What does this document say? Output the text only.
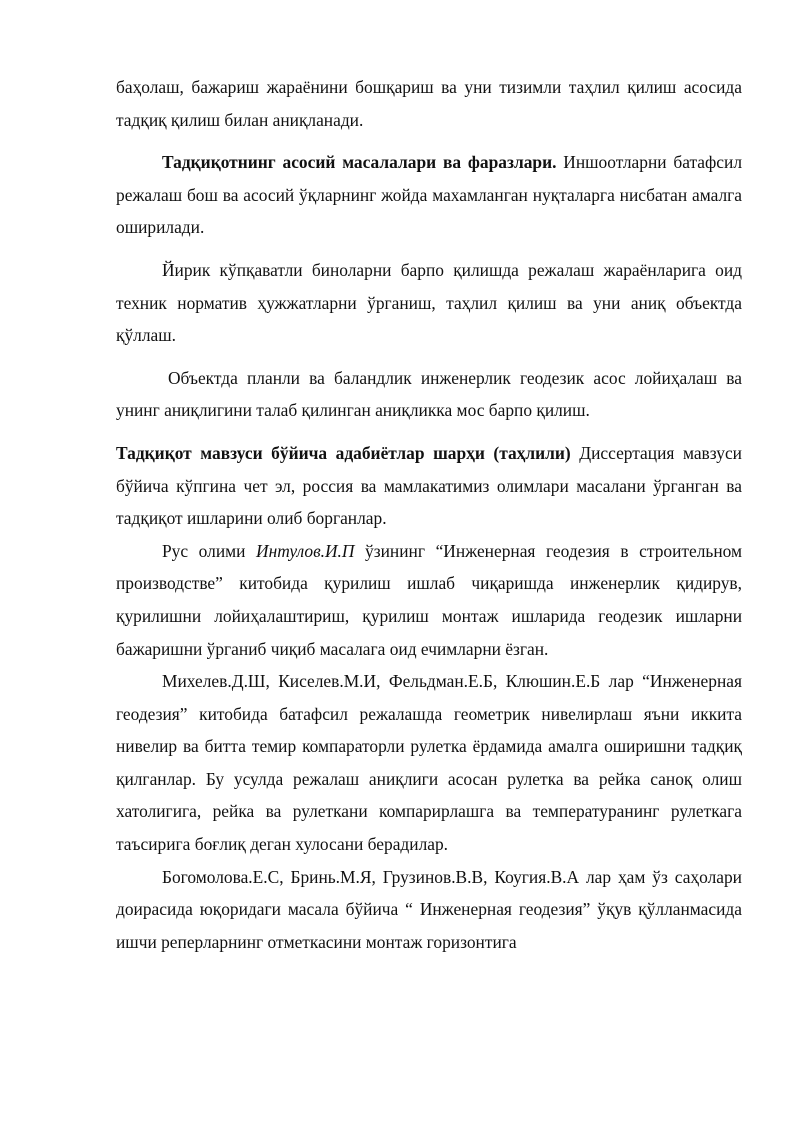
баҳолаш, бажариш жараёнини бошқариш ва уни тизимли таҳлил қилиш асосида тадқиқ қилиш билан аниқланади.

Тадқиқотнинг асосий масалалари ва фаразлари. Иншоотларни батафсил режалаш бош ва асосий ўқларнинг жойда махамланган нуқталарга нисбатан амалга оширилади.

Йирик кўпқаватли биноларни барпо қилишда режалаш жараёнларига оид техник норматив ҳужжатларни ўрганиш, таҳлил қилиш ва уни аниқ объектда қўллаш.

Объектда планли ва баландлик инженерлик геодезик асос лойиҳалаш ва унинг аниқлигини талаб қилинган аниқликка мос барпо қилиш.

Тадқиқот мавзуси бўйича адабиётлар шарҳи (таҳлили) Диссертация мавзуси бўйича кўпгина чет эл, россия ва мамлакатимиз олимлари масалани ўрганган ва тадқиқот ишларини олиб борганлар.

Рус олими Интулов.И.П ўзининг “Инженерная геодезия в строительном производстве” китобида қурилиш ишлаб чиқаришда инженерлик қидирув, қурилишни лойиҳалаштириш, қурилиш монтаж ишларида геодезик ишларни бажаришни ўрганиб чиқиб масалага оид ечимларни ёзган.

Михелев.Д.Ш, Киселев.М.И, Фельдман.Е.Б, Клюшин.Е.Б лар “Инженерная геодезия” китобида батафсил режалашда геометрик нивелирлаш яъни иккита нивелир ва битта темир компараторли рулетка ёрдамида амалга оширишни тадқиқ қилганлар. Бу усулда режалаш аниқлиги асосан рулетка ва рейка саноқ олиш хатолигига, рейка ва рулеткани компарирлашга ва температуранинг рулеткага таъсирига боғлиқ деган хулосани берадилар.

Богомолова.Е.С, Бринь.М.Я, Грузинов.В.В, Коугия.В.А лар ҳам ўз саҳолари доирасида юқоридаги масала бўйича “ Инженерная геодезия” ўқув қўлланмасида ишчи реперларнинг отметкасини монтаж горизонтига
